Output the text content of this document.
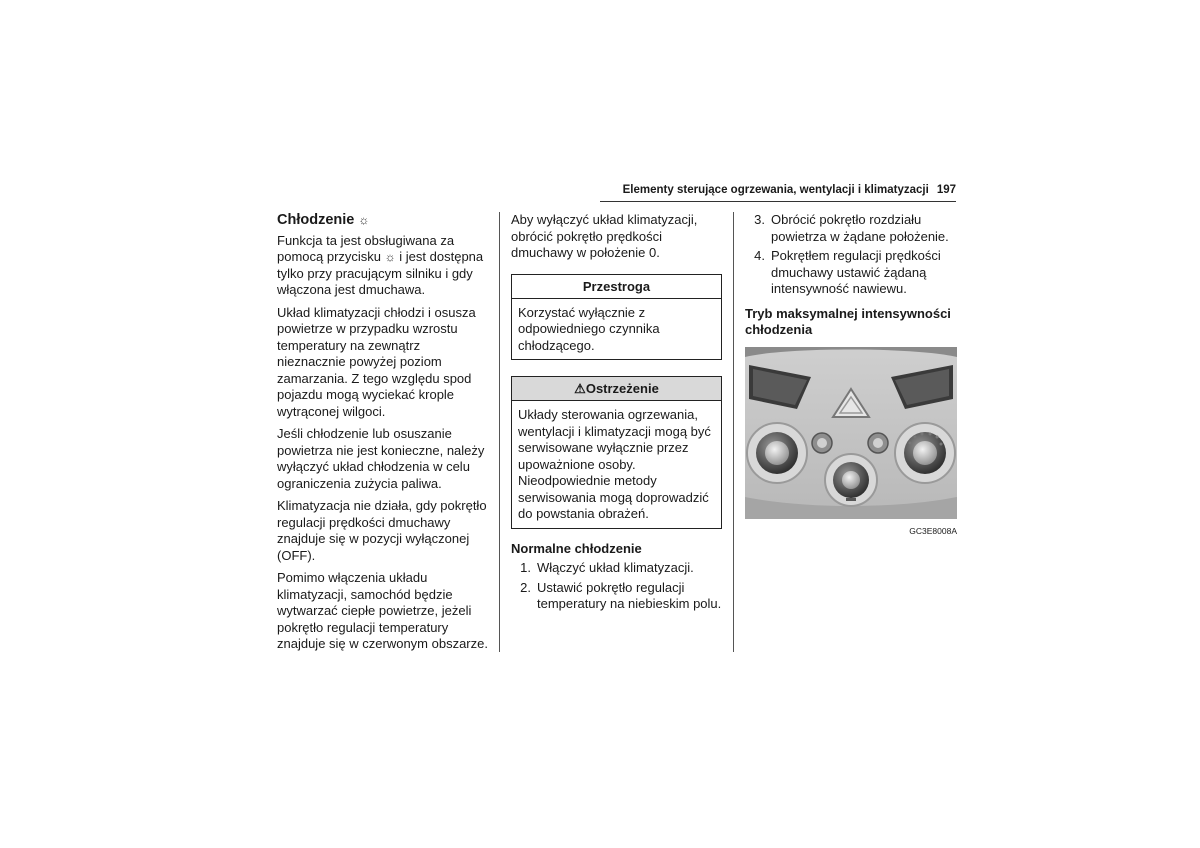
Elementy sterujące ogrzewania, wentylacji i klimatyzacji 197
Chłodzenie ☼

Funkcja ta jest obsługiwana za pomocą przycisku ☼ i jest dostępna tylko przy pracującym silniku i gdy włączona jest dmuchawa.

Układ klimatyzacji chłodzi i osusza powietrze w przypadku wzrostu temperatury na zewnątrz nieznacznie powyżej poziom zamarzania. Z tego względu spod pojazdu mogą wyciekać krople wytrąconej wilgoci.

Jeśli chłodzenie lub osuszanie powietrza nie jest konieczne, należy wyłączyć układ chłodzenia w celu ograniczenia zużycia paliwa.

Klimatyzacja nie działa, gdy pokrętło regulacji prędkości dmuchawy znajduje się w pozycji wyłączonej (OFF).

Pomimo włączenia układu klimatyzacji, samochód będzie wytwarzać ciepłe powietrze, jeżeli pokrętło regulacji temperatury znajduje się w czerwonym obszarze.

Aby wyłączyć układ klimatyzacji, obrócić pokrętło prędkości dmuchawy w położenie 0.

Przestroga
Korzystać wyłącznie z odpowiedniego czynnika chłodzącego.
⚠Ostrzeżenie
Układy sterowania ogrzewania, wentylacji i klimatyzacji mogą być serwisowane wyłącznie przez upoważnione osoby. Nieodpowiednie metody serwisowania mogą doprowadzić do powstania obrażeń.
Normalne chłodzenie
1. Włączyć układ klimatyzacji.
2. Ustawić pokrętło regulacji temperatury na niebieskim polu.
3. Obrócić pokrętło rozdziału powietrza w żądane położenie.
4. Pokrętłem regulacji prędkości dmuchawy ustawić żądaną intensywność nawiewu.
Tryb maksymalnej intensywności chłodzenia
GC3E8008A
